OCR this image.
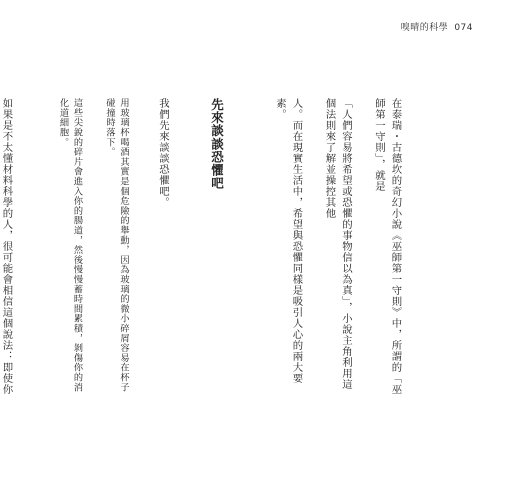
嗅晴的科學 074

在泰瑞・古德坎的奇幻小說《巫師第一守則》中，所謂的「巫師第一守則」，就是

「人們容易將希望或恐懼的事物信以為真」，小說主角利用這個法則來了解並操控其他

人。而在現實生活中，希望與恐懼同樣是吸引人心的兩大要素。

先來談談恐懼吧

我們先來談談恐懼吧。

用玻璃杯喝酒其實是個危險的舉動，因為玻璃的微小碎屑容易在杯子碰撞時落下。

這些尖銳的碎片會進入你的腸道，然後慢慢蓄時間累積，剝傷你的消化道細胞。

如果是不太懂材料科學的人，很可能會相信這個說法：即使你
